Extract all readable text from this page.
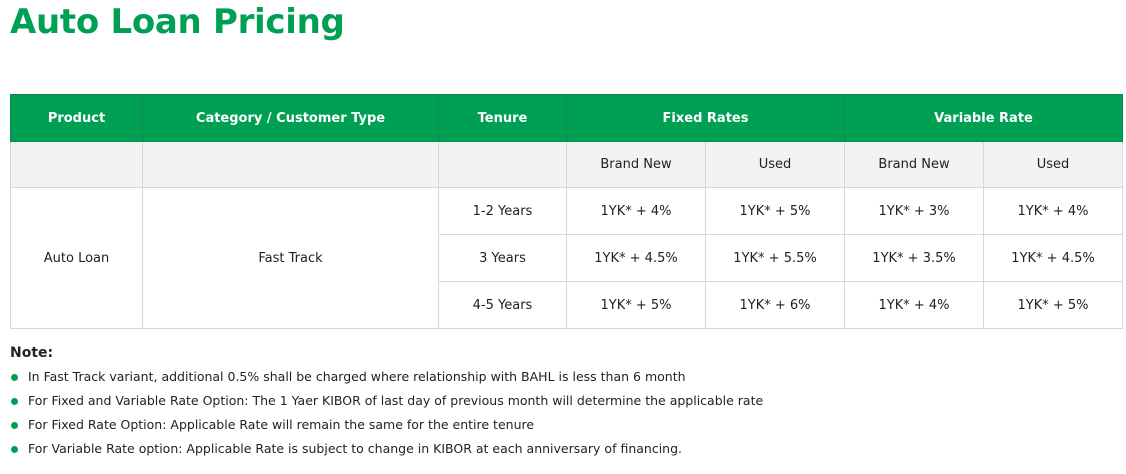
Auto Loan Pricing
Product	Category / Customer Type	Tenure	Fixed Rates		Variable Rate	
			Brand New	Used	Brand New	Used
Auto Loan	Fast Track	1-2 Years	1YK* + 4%	1YK* + 5%	1YK* + 3%	1YK* + 4%
		3 Years	1YK* + 4.5%	1YK* + 5.5%	1YK* + 3.5%	1YK* + 4.5%
		4-5 Years	1YK* + 5%	1YK* + 6%	1YK* + 4%	1YK* + 5%
Note:
In Fast Track variant, additional 0.5% shall be charged where relationship with BAHL is less than 6 month
For Fixed and Variable Rate Option: The 1 Yaer KIBOR of last day of previous month will determine the applicable rate
For Fixed Rate Option: Applicable Rate will remain the same for the entire tenure
For Variable Rate option: Applicable Rate is subject to change in KIBOR at each anniversary of financing.
